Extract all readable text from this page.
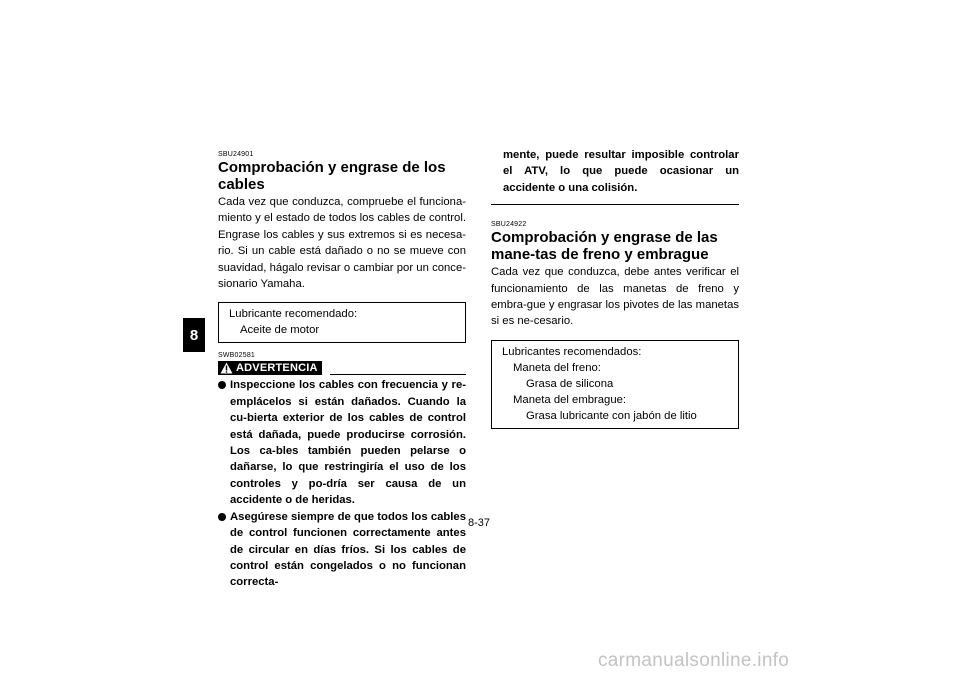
8
SBU24901
Comprobación y engrase de los cables

Cada vez que conduzca, compruebe el funciona-miento y el estado de todos los cables de control. Engrase los cables y sus extremos si es necesa-rio. Si un cable está dañado o no se mueve con suavidad, hágalo revisar o cambiar por un conce-sionario Yamaha.

Lubricante recomendado:
Aceite de motor
SWB02581
ADVERTENCIA
Inspeccione los cables con frecuencia y re-emplácelos si están dañados. Cuando la cu-bierta exterior de los cables de control está dañada, puede producirse corrosión. Los ca-bles también pueden pelarse o dañarse, lo que restringiría el uso de los controles y po-dría ser causa de un accidente o de heridas.
Asegúrese siempre de que todos los cables de control funcionen correctamente antes de circular en días fríos. Si los cables de control están congelados o no funcionan correcta-

mente, puede resultar imposible controlar el ATV, lo que puede ocasionar un accidente o una colisión.

SBU24922
Comprobación y engrase de las mane-tas de freno y embrague

Cada vez que conduzca, debe antes verificar el funcionamiento de las manetas de freno y embra-gue y engrasar los pivotes de las manetas si es ne-cesario.

Lubricantes recomendados:
Maneta del freno:
Grasa de silicona
Maneta del embrague:
Grasa lubricante con jabón de litio
8-37
carmanualsonline.info
